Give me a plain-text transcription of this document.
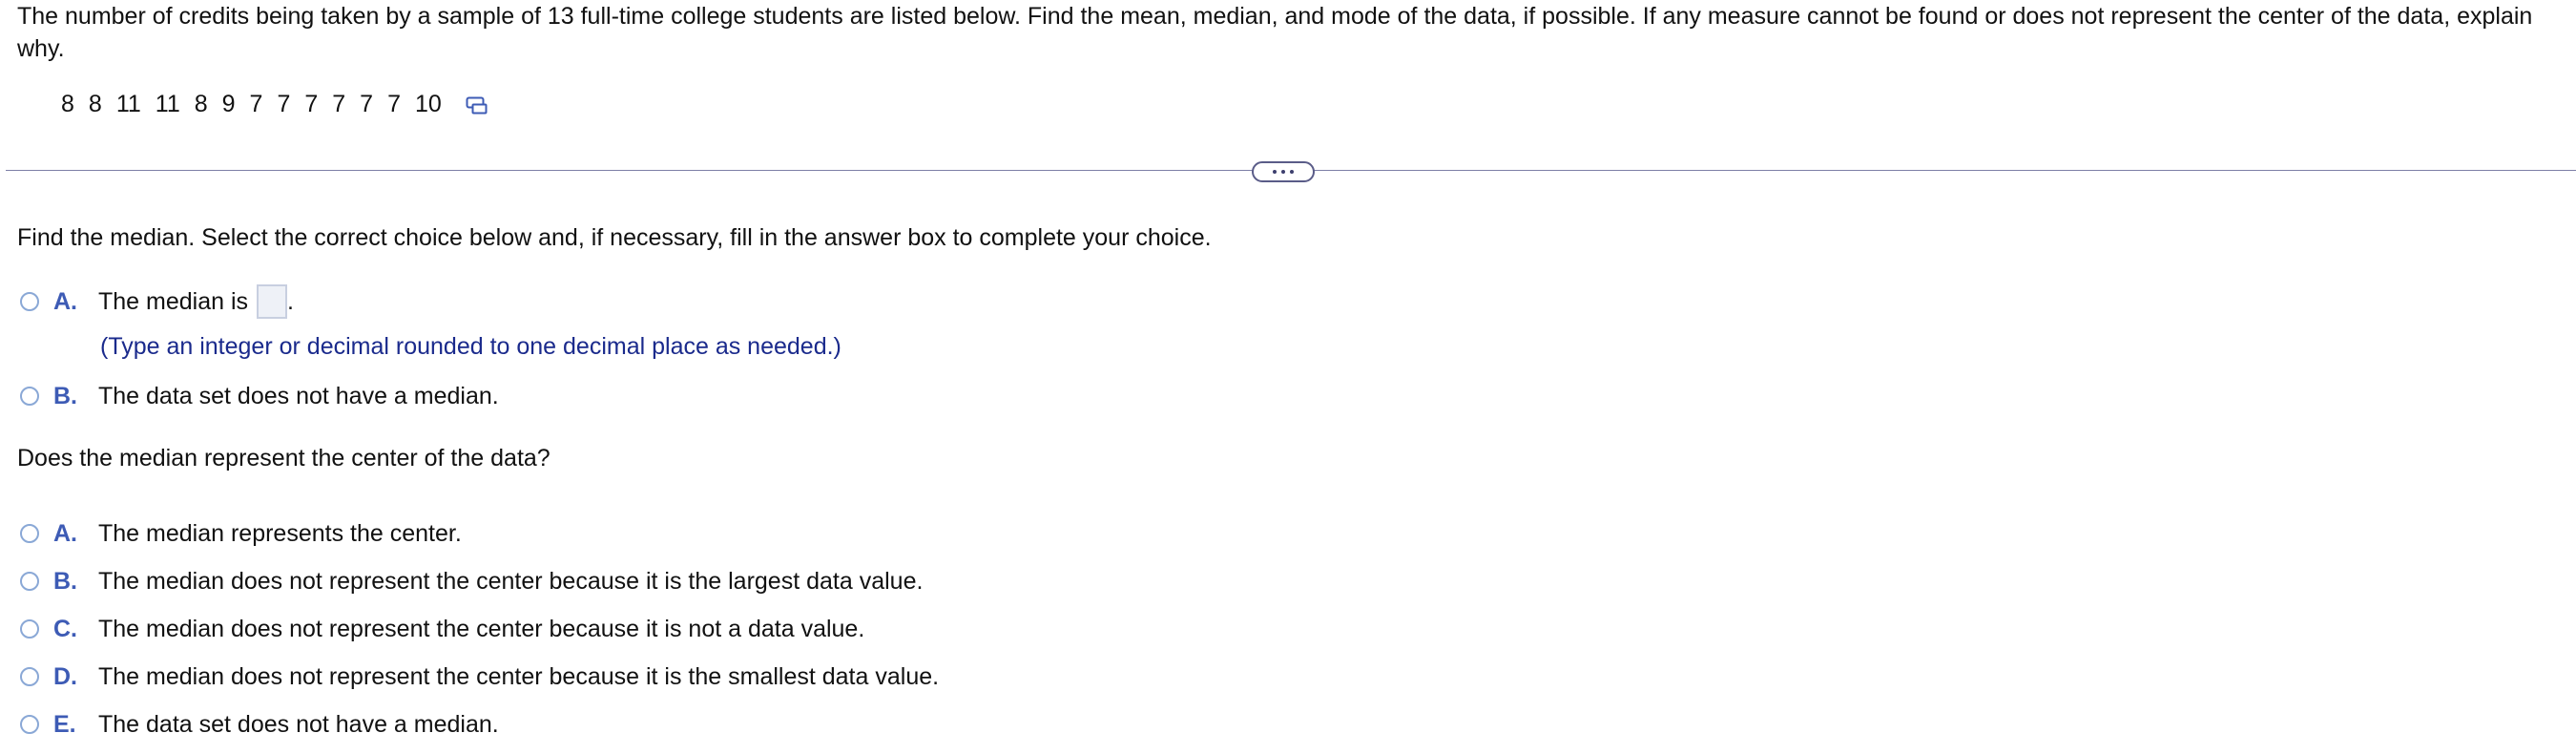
The number of credits being taken by a sample of 13 full-time college students are listed below. Find the mean, median, and mode of the data, if possible. If any measure cannot be found or does not represent the center of the data, explain why.
8 8 11 11 8 9 7 7 7 7 7 7 10
Find the median. Select the correct choice below and, if necessary, fill in the answer box to complete your choice.
A. The median is .
(Type an integer or decimal rounded to one decimal place as needed.)
B. The data set does not have a median.
Does the median represent the center of the data?
A. The median represents the center.
B. The median does not represent the center because it is the largest data value.
C. The median does not represent the center because it is not a data value.
D. The median does not represent the center because it is the smallest data value.
E. The data set does not have a median.
